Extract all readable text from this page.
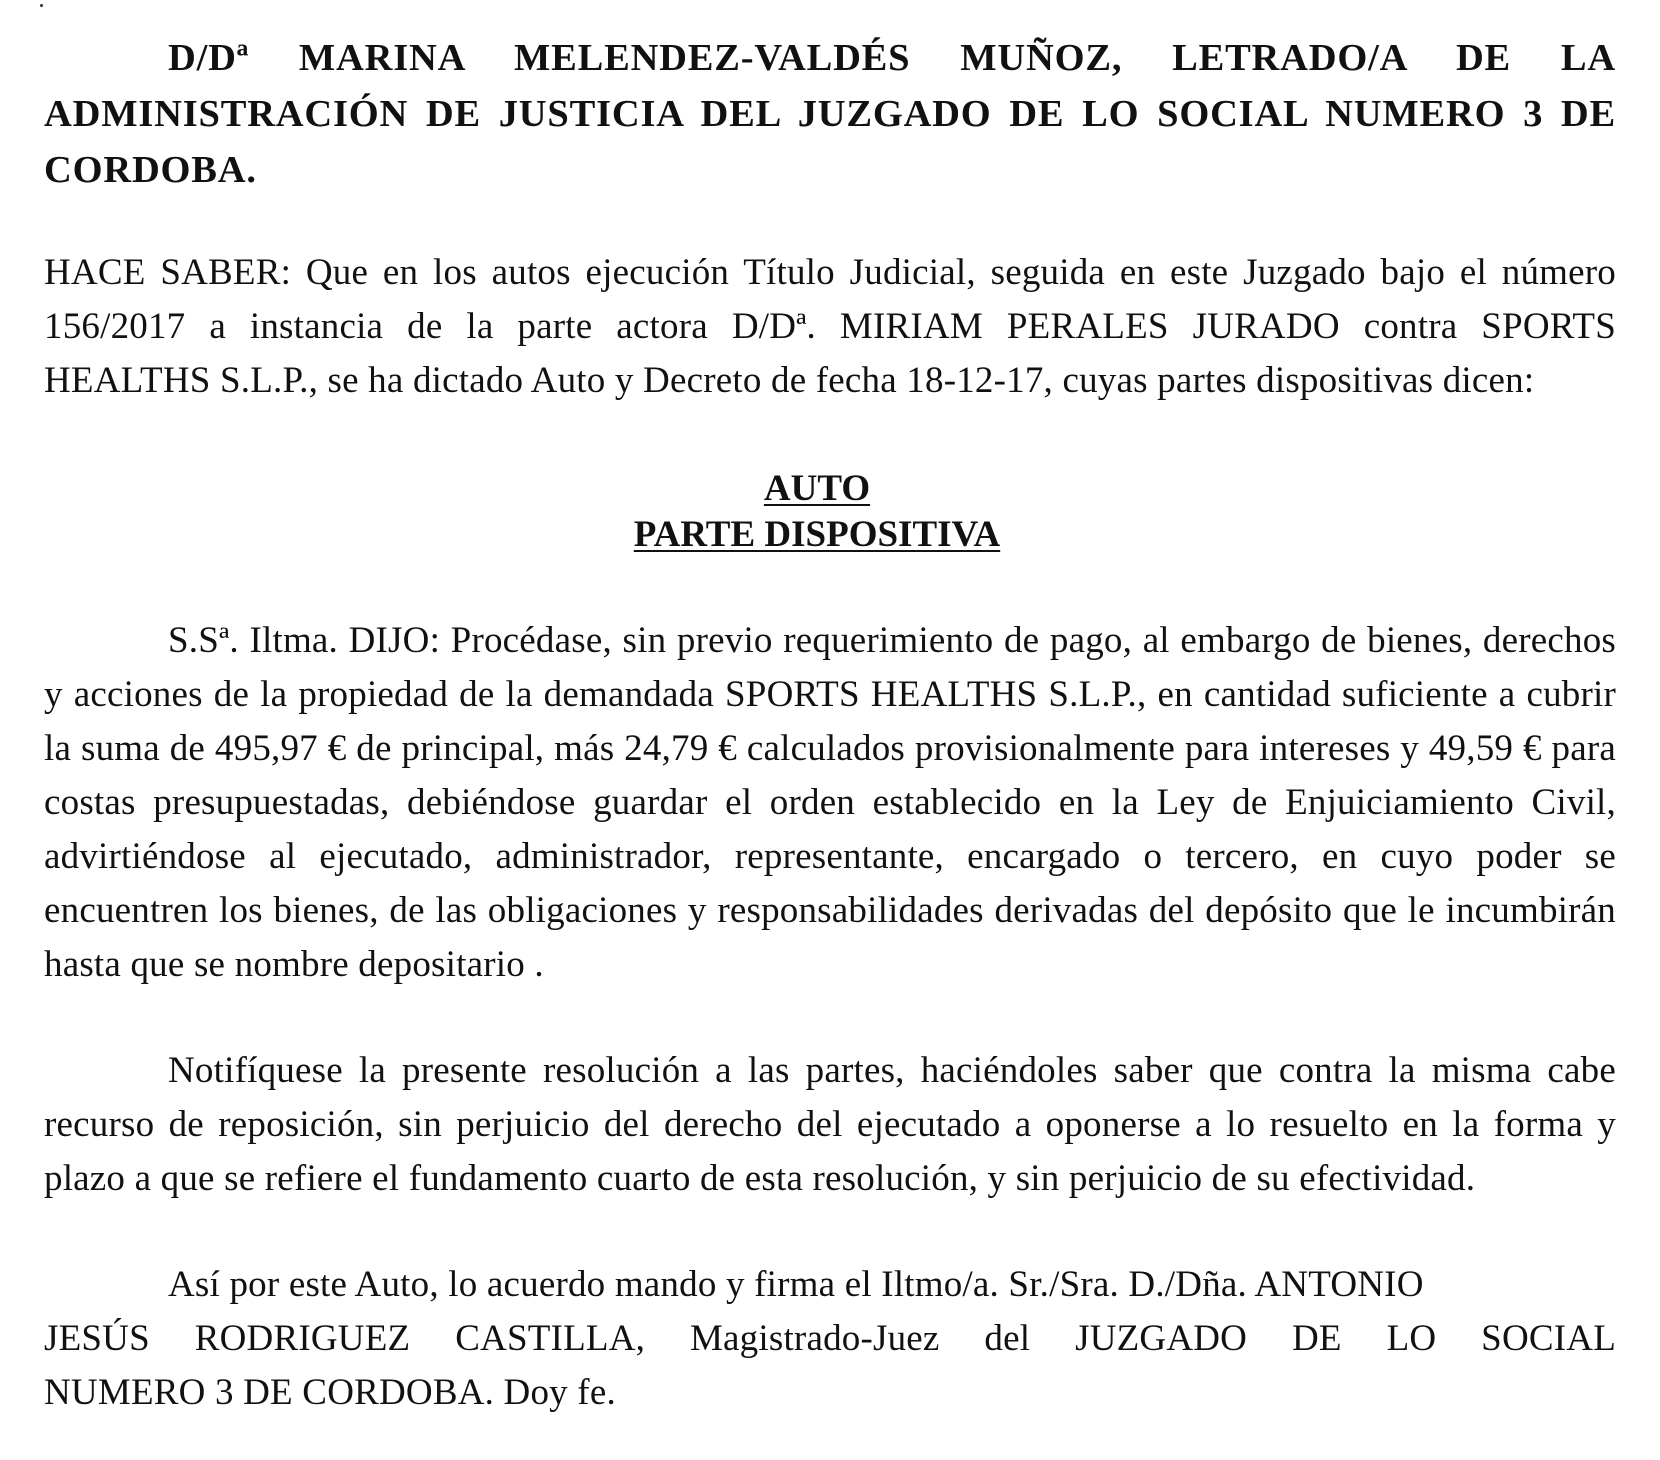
D/Dª MARINA MELENDEZ-VALDÉS MUÑOZ, LETRADO/A DE LA ADMINISTRACIÓN DE JUSTICIA DEL JUZGADO DE LO SOCIAL NUMERO 3 DE CORDOBA.

HACE SABER: Que en los autos ejecución Título Judicial, seguida en este Juzgado bajo el número 156/2017 a instancia de la parte actora D/Dª. MIRIAM PERALES JURADO contra SPORTS HEALTHS S.L.P., se ha dictado Auto y Decreto de fecha 18-12-17, cuyas partes dispositivas dicen:

AUTO
PARTE DISPOSITIVA

S.Sª. Iltma. DIJO: Procédase, sin previo requerimiento de pago, al embargo de bienes, derechos y acciones de la propiedad de la demandada SPORTS HEALTHS S.L.P., en cantidad suficiente a cubrir la suma de 495,97 € de principal, más 24,79 € calculados provisionalmente para intereses y 49,59 € para costas presupuestadas, debiéndose guardar el orden establecido en la Ley de Enjuiciamiento Civil, advirtiéndose al ejecutado, administrador, representante, encargado o tercero, en cuyo poder se encuentren los bienes, de las obligaciones y responsabilidades derivadas del depósito que le incumbirán hasta que se nombre depositario .

Notifíquese la presente resolución a las partes, haciéndoles saber que contra la misma cabe recurso de reposición, sin perjuicio del derecho del ejecutado a oponerse a lo resuelto en la forma y plazo a que se refiere el fundamento cuarto de esta resolución, y sin perjuicio de su efectividad.

Así por este Auto, lo acuerdo mando y firma el Iltmo/a. Sr./Sra. D./Dña. ANTONIO
JESÚS RODRIGUEZ CASTILLA, Magistrado-Juez del JUZGADO DE LO SOCIAL
NUMERO 3 DE CORDOBA. Doy fe.
